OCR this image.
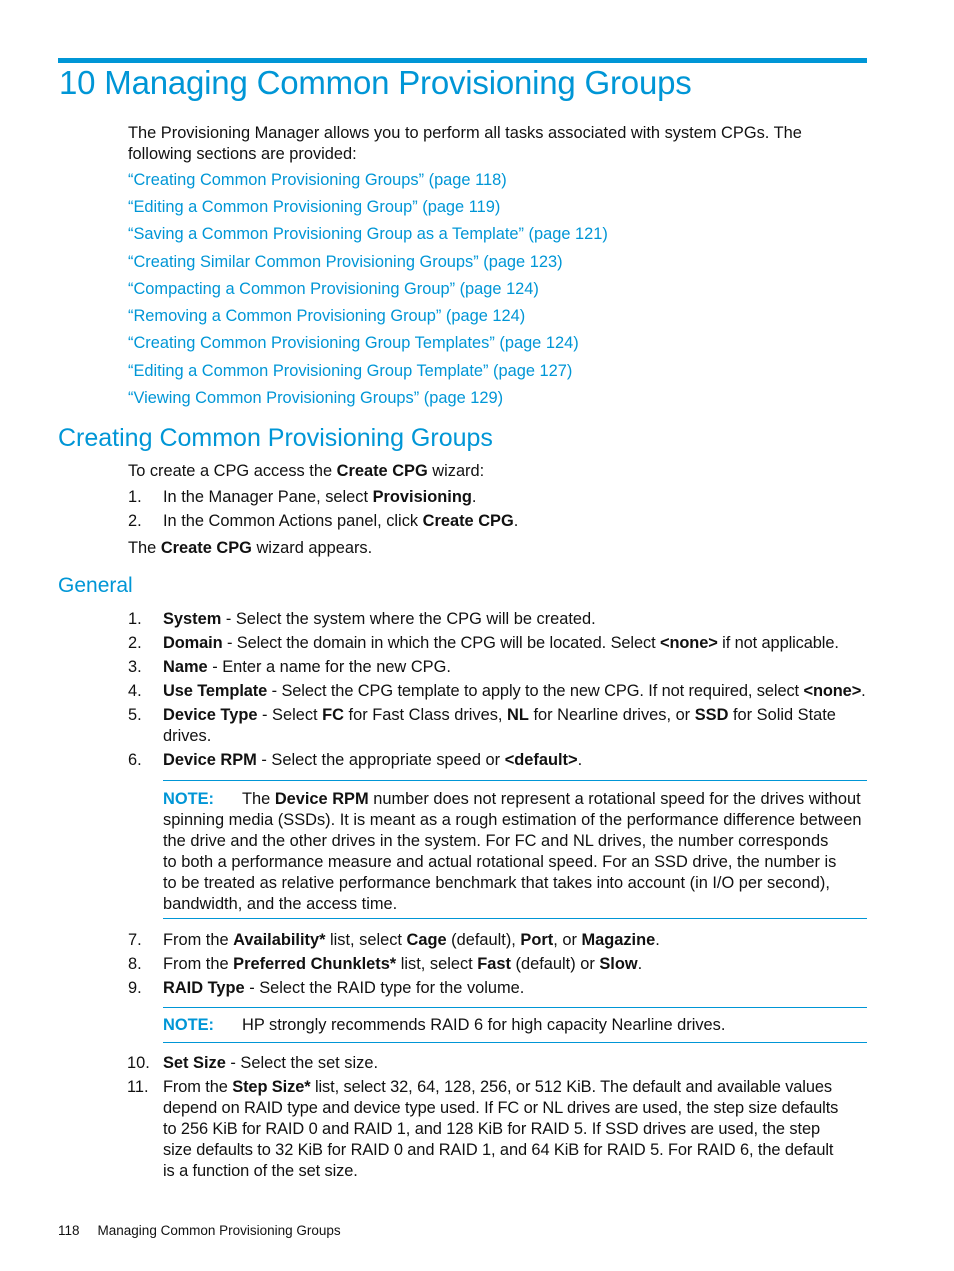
10 Managing Common Provisioning Groups
The Provisioning Manager allows you to perform all tasks associated with system CPGs. The
following sections are provided:
“Creating Common Provisioning Groups” (page 118)
“Editing a Common Provisioning Group” (page 119)
“Saving a Common Provisioning Group as a Template” (page 121)
“Creating Similar Common Provisioning Groups” (page 123)
“Compacting a Common Provisioning Group” (page 124)
“Removing a Common Provisioning Group” (page 124)
“Creating Common Provisioning Group Templates” (page 124)
“Editing a Common Provisioning Group Template” (page 127)
“Viewing Common Provisioning Groups” (page 129)
Creating Common Provisioning Groups
To create a CPG access the Create CPG wizard:
1. In the Manager Pane, select Provisioning.
2. In the Common Actions panel, click Create CPG.
The Create CPG wizard appears.
General
1. System - Select the system where the CPG will be created.
2. Domain - Select the domain in which the CPG will be located. Select <none> if not applicable.
3. Name - Enter a name for the new CPG.
4. Use Template - Select the CPG template to apply to the new CPG. If not required, select <none>.
5. Device Type - Select FC for Fast Class drives, NL for Nearline drives, or SSD for Solid State
drives.
6. Device RPM - Select the appropriate speed or <default>.
NOTE: The Device RPM number does not represent a rotational speed for the drives without
spinning media (SSDs). It is meant as a rough estimation of the performance difference between
the drive and the other drives in the system. For FC and NL drives, the number corresponds
to both a performance measure and actual rotational speed. For an SSD drive, the number is
to be treated as relative performance benchmark that takes into account (in I/O per second),
bandwidth, and the access time.
7. From the Availability* list, select Cage (default), Port, or Magazine.
8. From the Preferred Chunklets* list, select Fast (default) or Slow.
9. RAID Type - Select the RAID type for the volume.
NOTE: HP strongly recommends RAID 6 for high capacity Nearline drives.
10. Set Size - Select the set size.
11. From the Step Size* list, select 32, 64, 128, 256, or 512 KiB. The default and available values
depend on RAID type and device type used. If FC or NL drives are used, the step size defaults
to 256 KiB for RAID 0 and RAID 1, and 128 KiB for RAID 5. If SSD drives are used, the step
size defaults to 32 KiB for RAID 0 and RAID 1, and 64 KiB for RAID 5. For RAID 6, the default
is a function of the set size.
118 Managing Common Provisioning Groups
